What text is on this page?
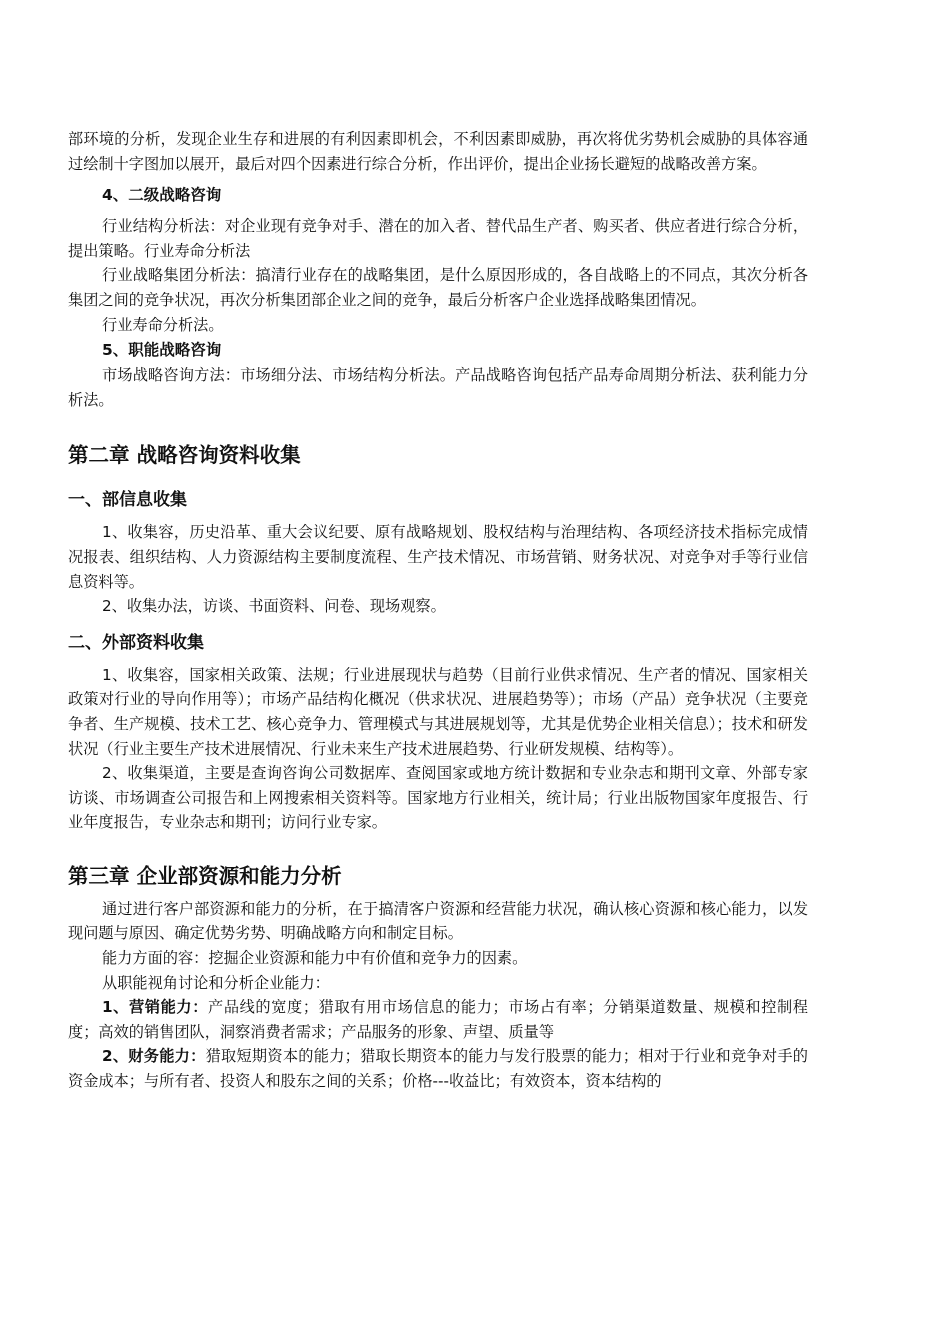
部环境的分析，发现企业生存和进展的有利因素即机会，不利因素即威胁，再次将优劣势机会威胁的具体容通过绘制十字图加以展开，最后对四个因素进行综合分析，作出评价，提出企业扬长避短的战略改善方案。

4、二级战略咨询

行业结构分析法：对企业现有竞争对手、潜在的加入者、替代品生产者、购买者、供应者进行综合分析，提出策略。行业寿命分析法

行业战略集团分析法：搞清行业存在的战略集团，是什么原因形成的，各自战略上的不同点，其次分析各集团之间的竞争状况，再次分析集团部企业之间的竞争，最后分析客户企业选择战略集团情况。

行业寿命分析法。

5、职能战略咨询

市场战略咨询方法：市场细分法、市场结构分析法。产品战略咨询包括产品寿命周期分析法、获利能力分析法。

第二章 战略咨询资料收集
一、部信息收集

1、收集容，历史沿革、重大会议纪要、原有战略规划、股权结构与治理结构、各项经济技术指标完成情况报表、组织结构、人力资源结构主要制度流程、生产技术情况、市场营销、财务状况、对竞争对手等行业信息资料等。

2、收集办法，访谈、书面资料、问卷、现场观察。

二、外部资料收集

1、收集容，国家相关政策、法规；行业进展现状与趋势（目前行业供求情况、生产者的情况、国家相关政策对行业的导向作用等）；市场产品结构化概况（供求状况、进展趋势等）；市场（产品）竞争状况（主要竞争者、生产规模、技术工艺、核心竞争力、管理模式与其进展规划等，尤其是优势企业相关信息）；技术和研发状况（行业主要生产技术进展情况、行业未来生产技术进展趋势、行业研发规模、结构等）。

2、收集渠道，主要是查询咨询公司数据库、查阅国家或地方统计数据和专业杂志和期刊文章、外部专家访谈、市场调查公司报告和上网搜索相关资料等。国家地方行业相关，统计局；行业出版物国家年度报告、行业年度报告，专业杂志和期刊；访问行业专家。

第三章 企业部资源和能力分析

通过进行客户部资源和能力的分析，在于搞清客户资源和经营能力状况，确认核心资源和核心能力，以发现问题与原因、确定优势劣势、明确战略方向和制定目标。

能力方面的容：挖掘企业资源和能力中有价值和竞争力的因素。

从职能视角讨论和分析企业能力：

1、营销能力：产品线的宽度；猎取有用市场信息的能力；市场占有率；分销渠道数量、规模和控制程度；高效的销售团队，洞察消费者需求；产品服务的形象、声望、质量等

2、财务能力：猎取短期资本的能力；猎取长期资本的能力与发行股票的能力；相对于行业和竞争对手的资金成本；与所有者、投资人和股东之间的关系；价格---收益比；有效资本，资本结构的
